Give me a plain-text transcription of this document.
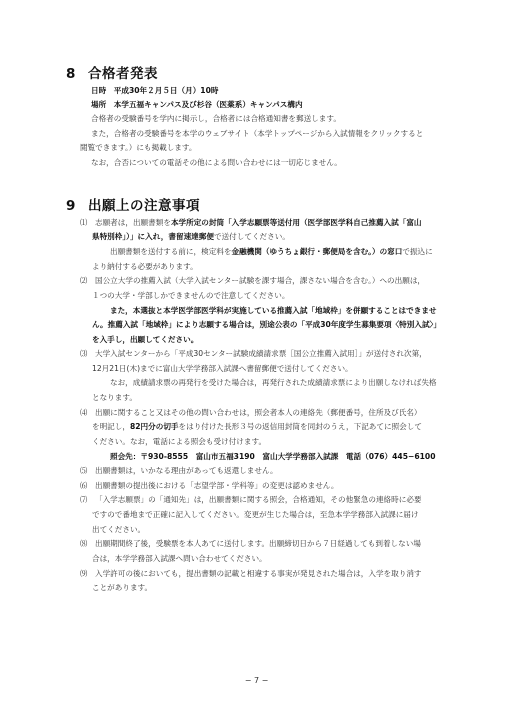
8 合格者発表
日時　平成30年２月５日（月）10時
場所　本学五福キャンパス及び杉谷（医薬系）キャンパス構内
合格者の受験番号を学内に掲示し，合格者には合格通知書を郵送します。
また，合格者の受験番号を本学のウェブサイト（本学トップページから入試情報をクリックすると
閲覧できます。）にも掲載します。
なお，合否についての電話その他による問い合わせには一切応じません。
9 出願上の注意事項
⑴ 志願者は，出願書類を本学所定の封筒「入学志願票等送付用（医学部医学科自己推薦入試「富山
県特別枠」）」に入れ，書留速達郵便で送付してください。
出願書類を送付する前に，検定料を金融機関（ゆうちょ銀行・郵便局を含む。）の窓口で振込に
より納付する必要があります。
⑵ 国公立大学の推薦入試（大学入試センター試験を課す場合，課さない場合を含む。）への出願は，
１つの大学・学部しかできませんので注意してください。
また，本選抜と本学医学部医学科が実施している推薦入試「地域枠」を併願することはできませ
ん。推薦入試「地域枠」により志願する場合は，別途公表の「平成30年度学生募集要項〈特別入試〉」
を入手し，出願してください。
⑶ 大学入試センターから「平成30センター試験成績請求票［国公立推薦入試用］」が送付され次第，
12月21日(木)までに富山大学学務部入試課へ書留郵便で送付してください。
なお，成績請求票の再発行を受けた場合は，再発行された成績請求票により出願しなければ失格
となります。
⑷ 出願に関すること又はその他の問い合わせは，照会者本人の連絡先（郵便番号，住所及び氏名）
を明記し，82円分の切手をはり付けた長形３号の返信用封筒を同封のうえ，下記あてに照会して
ください。なお，電話による照会も受け付けます。
照会先：〒930-8555　富山市五福3190　富山大学学務部入試課　電話（076）445−6100
⑸ 出願書類は，いかなる理由があっても返還しません。
⑹ 出願書類の提出後における「志望学部・学科等」の変更は認めません。
⑺ 「入学志願票」の「通知先」は，出願書類に関する照会，合格通知，その他緊急の連絡時に必要
ですので番地まで正確に記入してください。変更が生じた場合は，至急本学学務部入試課に届け
出てください。
⑻ 出願期間終了後，受験票を本人あてに送付します。出願締切日から７日経過しても到着しない場
合は，本学学務部入試課へ問い合わせてください。
⑼ 入学許可の後においても，提出書類の記載と相違する事実が発見された場合は，入学を取り消す
ことがあります。
− 7 −
